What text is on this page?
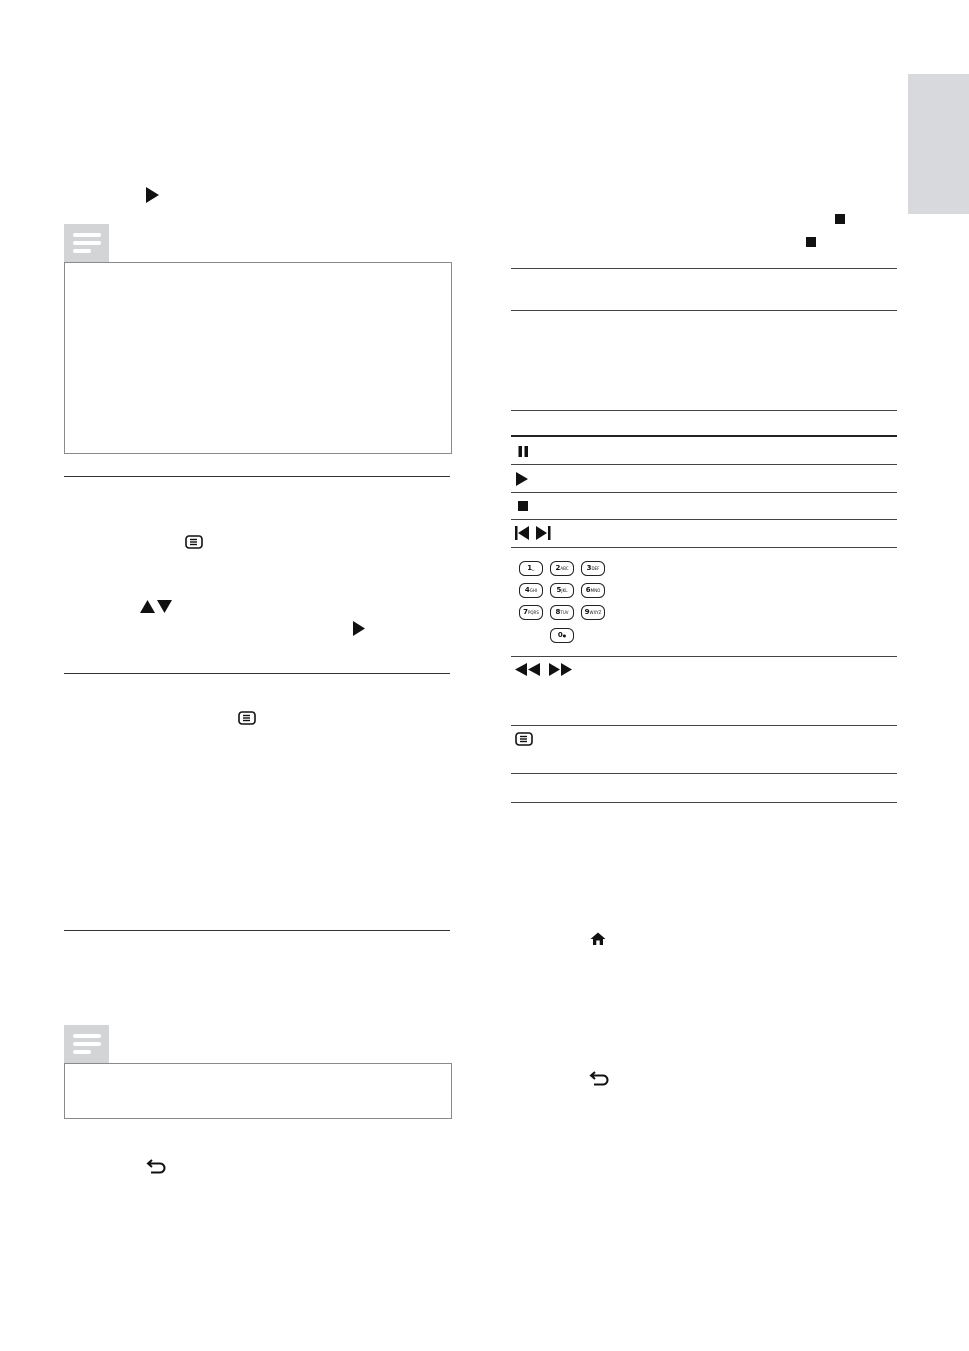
1␣	2ABC	3DEF
4GHI	5JKL	6MNO
7PQRS	8TUV	9WXYZ
0●
